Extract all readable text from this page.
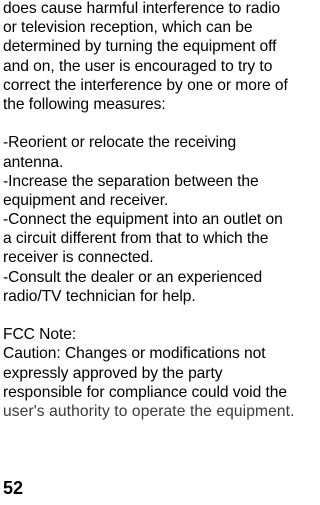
does cause harmful interference to radio
or television reception, which can be
determined by turning the equipment off
and on, the user is encouraged to try to
correct the interference by one or more of
the following measures:
-Reorient or relocate the receiving
antenna.
-Increase the separation between the
equipment and receiver.
-Connect the equipment into an outlet on
a circuit different from that to which the
receiver is connected.
-Consult the dealer or an experienced
radio/TV technician for help.
FCC Note:
Caution: Changes or modifications not
expressly approved by the party
responsible for compliance could void the
user's authority to operate the equipment.
52
